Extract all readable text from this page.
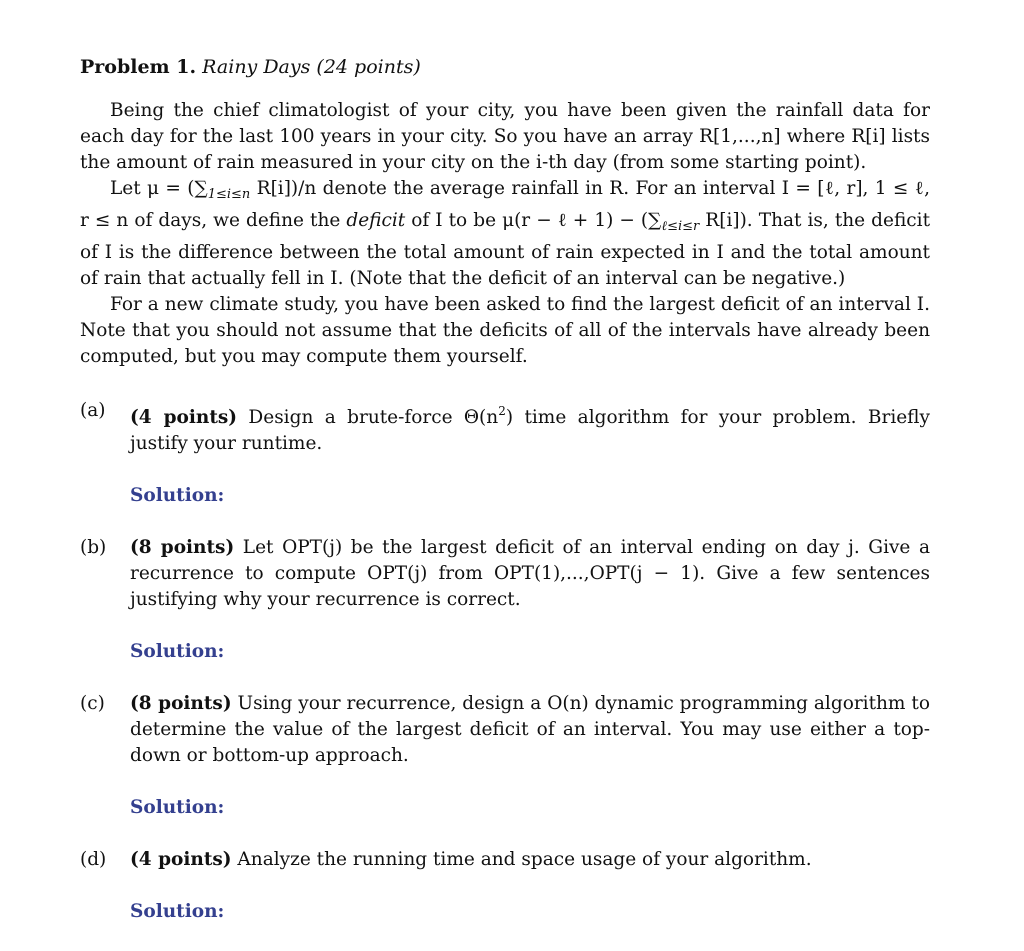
Problem 1. Rainy Days (24 points)

Being the chief climatologist of your city, you have been given the rainfall data for each day for the last 100 years in your city. So you have an array R[1,...,n] where R[i] lists the amount of rain measured in your city on the i-th day (from some starting point).

Let $\mu = (\sum_{1\le i\le n}$ R[i])/n denote the average rainfall in R. For an interval I = [ℓ, r], 1 ≤ ℓ, r ≤ n of days, we define the deficit of I to be μ(r − ℓ + $1) - (\sum_{\ell\le i\le r}$ R[i]). That is, the deficit of I is the difference between the total amount of rain expected in I and the total amount of rain that actually fell in I. (Note that the deficit of an interval can be negative.)

For a new climate study, you have been asked to find the largest deficit of an interval I. Note that you should not assume that the deficits of all of the intervals have already been computed, but you may compute them yourself.

(a) (4 points) Design a brute-force $\Theta(n^2)$ time algorithm for your problem. Briefly justify your runtime.
Solution:
(b) (8 points) Let OPT(j) be the largest deficit of an interval ending on day j. Give a recurrence to compute OPT(j) from OPT(1),...,OPT(j − 1). Give a few sentences justifying why your recurrence is correct.
Solution:
(c) (8 points) Using your recurrence, design a O(n) dynamic programming algorithm to determine the value of the largest deficit of an interval. You may use either a top-down or bottom-up approach.
Solution:
(d) (4 points) Analyze the running time and space usage of your algorithm.
Solution:
